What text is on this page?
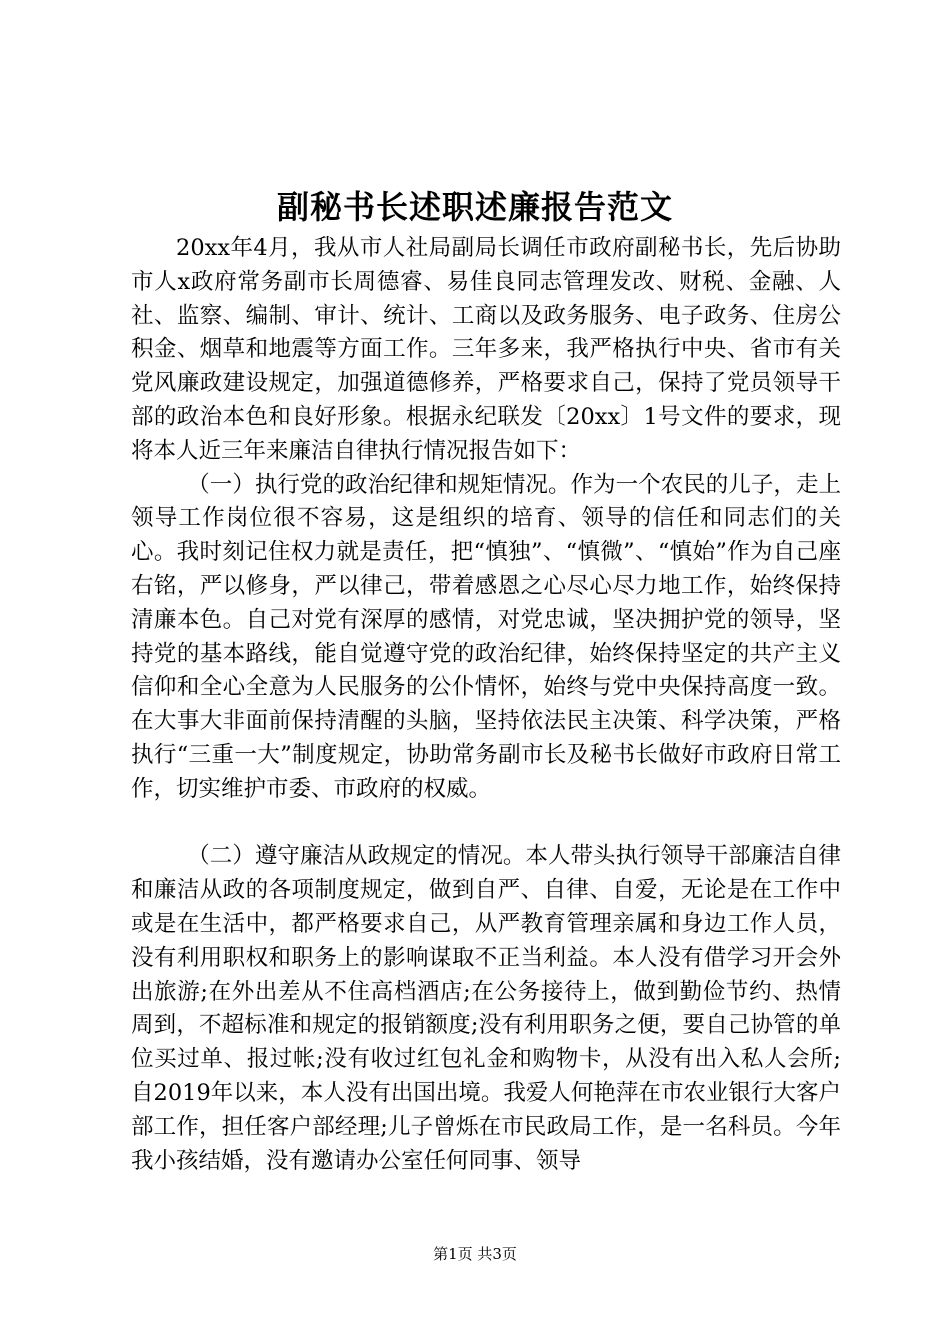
副秘书长述职述廉报告范文

20xx年4月，我从市人社局副局长调任市政府副秘书长，先后协助市人x政府常务副市长周德睿、易佳良同志管理发改、财税、金融、人社、监察、编制、审计、统计、工商以及政务服务、电子政务、住房公积金、烟草和地震等方面工作。三年多来，我严格执行中央、省市有关党风廉政建设规定，加强道德修养，严格要求自己，保持了党员领导干部的政治本色和良好形象。根据永纪联发〔20xx〕1号文件的要求，现将本人近三年来廉洁自律执行情况报告如下：

（一）执行党的政治纪律和规矩情况。作为一个农民的儿子，走上领导工作岗位很不容易，这是组织的培育、领导的信任和同志们的关心。我时刻记住权力就是责任，把“慎独”、“慎微”、“慎始”作为自己座右铭，严以修身，严以律己，带着感恩之心尽心尽力地工作，始终保持清廉本色。自己对党有深厚的感情，对党忠诚，坚决拥护党的领导，坚持党的基本路线，能自觉遵守党的政治纪律，始终保持坚定的共产主义信仰和全心全意为人民服务的公仆情怀，始终与党中央保持高度一致。在大事大非面前保持清醒的头脑，坚持依法民主决策、科学决策，严格执行“三重一大”制度规定，协助常务副市长及秘书长做好市政府日常工作，切实维护市委、市政府的权威。

（二）遵守廉洁从政规定的情况。本人带头执行领导干部廉洁自律和廉洁从政的各项制度规定，做到自严、自律、自爱，无论是在工作中或是在生活中，都严格要求自己，从严教育管理亲属和身边工作人员，没有利用职权和职务上的影响谋取不正当利益。本人没有借学习开会外出旅游;在外出差从不住高档酒店;在公务接待上，做到勤俭节约、热情周到，不超标准和规定的报销额度;没有利用职务之便，要自己协管的单位买过单、报过帐;没有收过红包礼金和购物卡，从没有出入私人会所;自2019年以来，本人没有出国出境。我爱人何艳萍在市农业银行大客户部工作，担任客户部经理;儿子曾烁在市民政局工作，是一名科员。今年我小孩结婚，没有邀请办公室任何同事、领导

第1页 共3页
